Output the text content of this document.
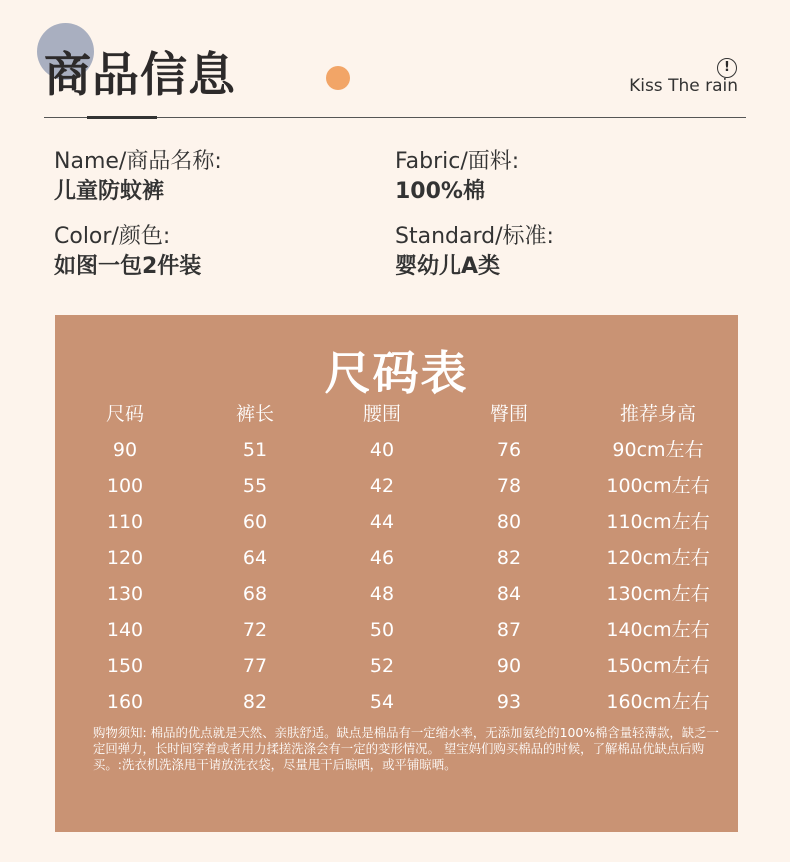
商品信息	!
Kiss The rain
Name/商品名称:
儿童防蚊裤
Fabric/面料:
100%棉
Color/颜色:
如图一包2件装
Standard/标准:
婴幼儿A类
尺码表
尺码	裤长	腰围	臀围	推荐身高
90	51	40	76	90cm左右
100	55	42	78	100cm左右
110	60	44	80	110cm左右
120	64	46	82	120cm左右
130	68	48	84	130cm左右
140	72	50	87	140cm左右
150	77	52	90	150cm左右
160	82	54	93	160cm左右
购物须知: 棉品的优点就是天然、亲肤舒适。缺点是棉品有一定缩水率，无添加氨纶的100%棉含量轻薄款，缺乏一定回弹力，长时间穿着或者用力揉搓洗涤会有一定的变形情况。 望宝妈们购买棉品的时候，了解棉品优缺点后购买。:洗衣机洗涤甩干请放洗衣袋，尽量甩干后晾晒，或平铺晾晒。
